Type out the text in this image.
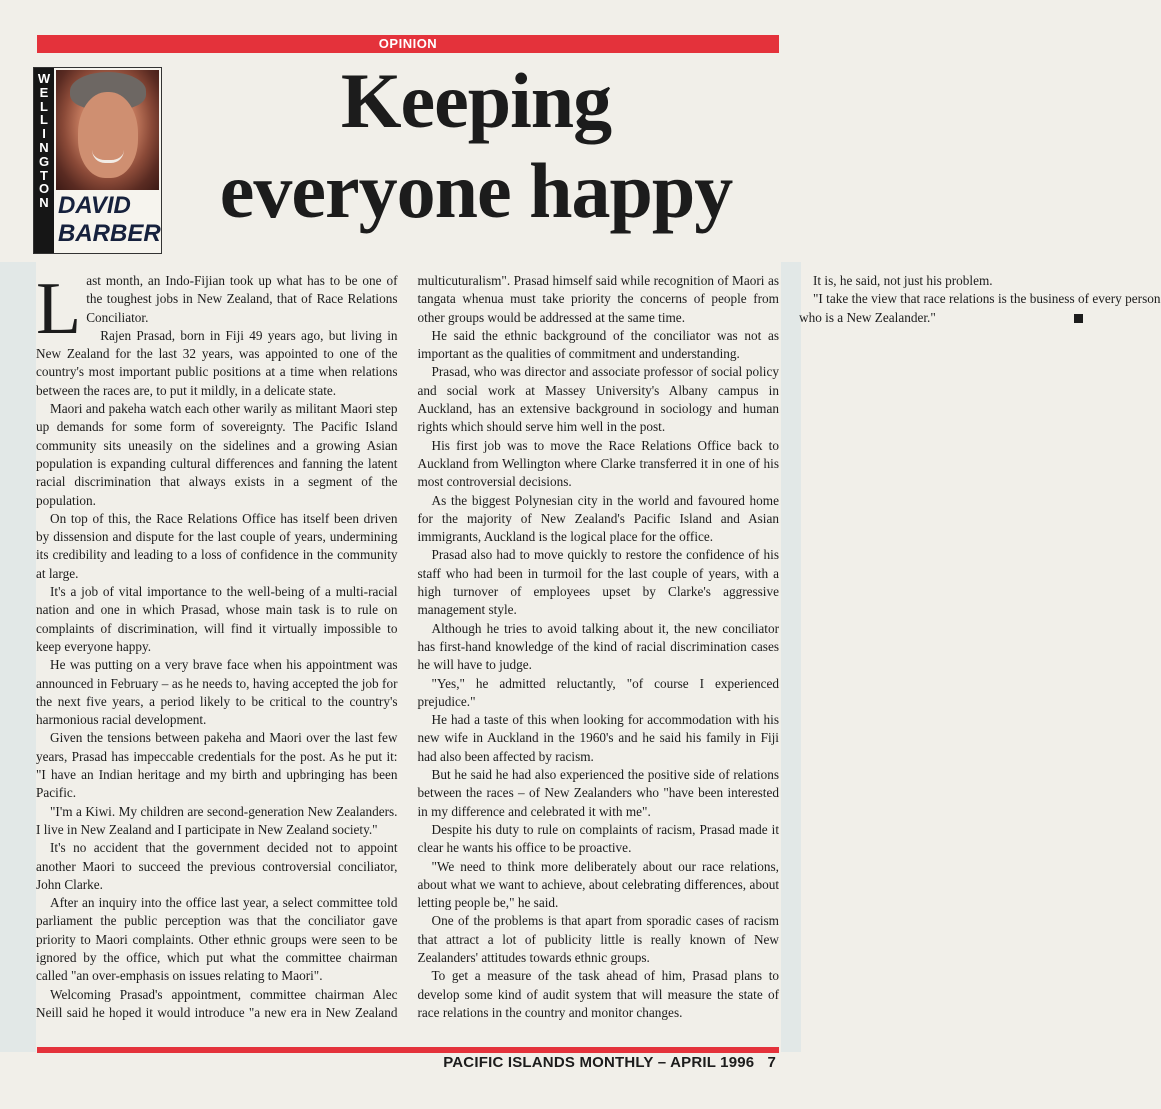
OPINION
W
E
L
L
I
N
G
T
O
N DAVID
BARBER
Keeping
everyone happy

Last month, an Indo-Fijian took up what has to be one of the toughest jobs in New Zealand, that of Race Relations Conciliator.

Rajen Prasad, born in Fiji 49 years ago, but living in New Zealand for the last 32 years, was appointed to one of the country's most important public positions at a time when relations between the races are, to put it mildly, in a delicate state.

Maori and pakeha watch each other warily as militant Maori step up demands for some form of sovereignty. The Pacific Island community sits uneasily on the sidelines and a growing Asian population is expanding cultural differences and fanning the latent racial discrimination that always exists in a segment of the population.

On top of this, the Race Relations Office has itself been driven by dissension and dispute for the last couple of years, undermining its credibility and leading to a loss of confidence in the community at large.

It's a job of vital importance to the well-being of a multi-racial nation and one in which Prasad, whose main task is to rule on complaints of discrimination, will find it virtually impossible to keep everyone happy.

He was putting on a very brave face when his appointment was announced in February – as he needs to, having accepted the job for the next five years, a period likely to be critical to the country's harmonious racial development.

Given the tensions between pakeha and Maori over the last few years, Prasad has impeccable credentials for the post. As he put it: "I have an Indian heritage and my birth and upbringing has been Pacific.

"I'm a Kiwi. My children are second-generation New Zealanders. I live in New Zealand and I participate in New Zealand society."

It's no accident that the government decided not to appoint another Maori to succeed the previous controversial conciliator, John Clarke.

After an inquiry into the office last year, a select committee told parliament the public perception was that the conciliator gave priority to Maori complaints. Other ethnic groups were seen to be ignored by the office, which put what the committee chairman called "an over-emphasis on issues relating to Maori".

Welcoming Prasad's appointment, committee chairman Alec Neill said he hoped it would introduce "a new era in New Zealand multicuturalism". Prasad himself said while recognition of Maori as tangata whenua must take priority the concerns of people from other groups would be addressed at the same time.

He said the ethnic background of the conciliator was not as important as the qualities of commitment and understanding.

Prasad, who was director and associate professor of social policy and social work at Massey University's Albany campus in Auckland, has an extensive background in sociology and human rights which should serve him well in the post.

His first job was to move the Race Relations Office back to Auckland from Wellington where Clarke transferred it in one of his most controversial decisions.

As the biggest Polynesian city in the world and favoured home for the majority of New Zealand's Pacific Island and Asian immigrants, Auckland is the logical place for the office.

Prasad also had to move quickly to restore the confidence of his staff who had been in turmoil for the last couple of years, with a high turnover of employees upset by Clarke's aggressive management style.

Although he tries to avoid talking about it, the new conciliator has first-hand knowledge of the kind of racial discrimination cases he will have to judge.

"Yes," he admitted reluctantly, "of course I experienced prejudice."

He had a taste of this when looking for accommodation with his new wife in Auckland in the 1960's and he said his family in Fiji had also been affected by racism.

But he said he had also experienced the positive side of relations between the races – of New Zealanders who "have been interested in my difference and celebrated it with me".

Despite his duty to rule on complaints of racism, Prasad made it clear he wants his office to be proactive.

"We need to think more deliberately about our race relations, about what we want to achieve, about celebrating differences, about letting people be," he said.

One of the problems is that apart from sporadic cases of racism that attract a lot of publicity little is really known of New Zealanders' attitudes towards ethnic groups.

To get a measure of the task ahead of him, Prasad plans to develop some kind of audit system that will measure the state of race relations in the country and monitor changes.

It is, he said, not just his problem.

"I take the view that race relations is the business of every person who is a New Zealander."

PACIFIC ISLANDS MONTHLY – APRIL 1996   7
